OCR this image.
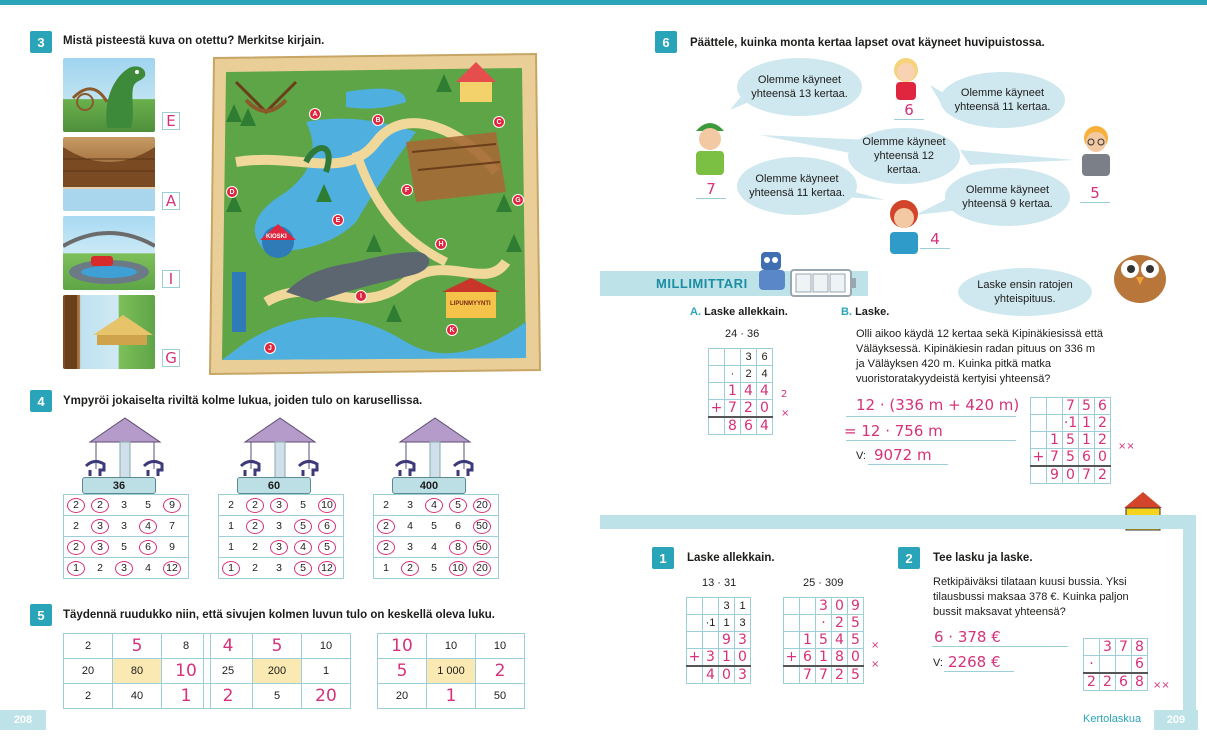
3	Mistä pisteestä kuva on otettu? Merkitse kirjain.
E
A
I
G
A
B	C
D
E
F
G
H
I
J
K
KIOSKI
LIPUNMYYNTI
4	Ympyröi jokaiselta riviltä kolme lukua, joiden tulo on karusellissa.
36
2 2 3 5 9
2 3 3 4 7
2 3 5 6 9
1 2 3 4 12
60
2 2 3 5 10
1 2 3 5 6
1 2 3 4 5
1 2 3 5 12
400
2 3 4 5 20
2 4 5 6 50
2 3 4 8 50
1 2 5 10 20
5	Täydennä ruudukko niin, että sivujen kolmen luvun tulo on keskellä oleva luku.
2	5	8
20	80	10
2	40	1
4	5	10
25	200	1
2	5	20
10	10	10
5	1 000	2
20	1	50
208
6	Päättele, kuinka monta kertaa lapset ovat käyneet huvipuistossa.
Olemme käyneet yhteensä 13 kertaa.	Olemme käyneet yhteensä 11 kertaa.
Olemme käyneet yhteensä 12 kertaa.
Olemme käyneet yhteensä 11 kertaa.	Olemme käyneet yhteensä 9 kertaa.
6
7	5
4
MILLIMITTARI	Laske ensin ratojen yhteispituus.
A. Laske allekkain.
24 · 36
		3	6
	·	2	4
	1	4	4
+	7	2	0
	8	6	4
2
×
B. Laske.
Olli aikoo käydä 12 kertaa sekä Kipinäkiesissä että Väläyksessä. Kipinäkiesin radan pituus on 336 m ja Väläyksen 420 m. Kuinka pitkä matka vuoristoratakyydeistä kertyisi yhteensä?
12 · (336 m + 420 m)
= 12 · 756 m
V: 9072 m
		7	5	6
		·1	1	2
	1	5	1	2
+	7	5	6	0
	9	0	7	2
××
1	Laske allekkain.
13 · 31	25 · 309
		3	1
	·1	1	3
		9	3
+	3	1	0
	4	0	3
		3	0	9
		·	2	5
	1	5	4	5
+	6	1	8	0
	7	7	2	5
×
×
2	Tee lasku ja laske.
Retkipäiväksi tilataan kuusi bussia. Yksi tilausbussi maksaa 378 €. Kuinka paljon bussit maksavat yhteensä?
6 · 378 €
V: 2268 €
	3	7	8
·			6
2	2	6	8 ××
Kertolaskua	209
